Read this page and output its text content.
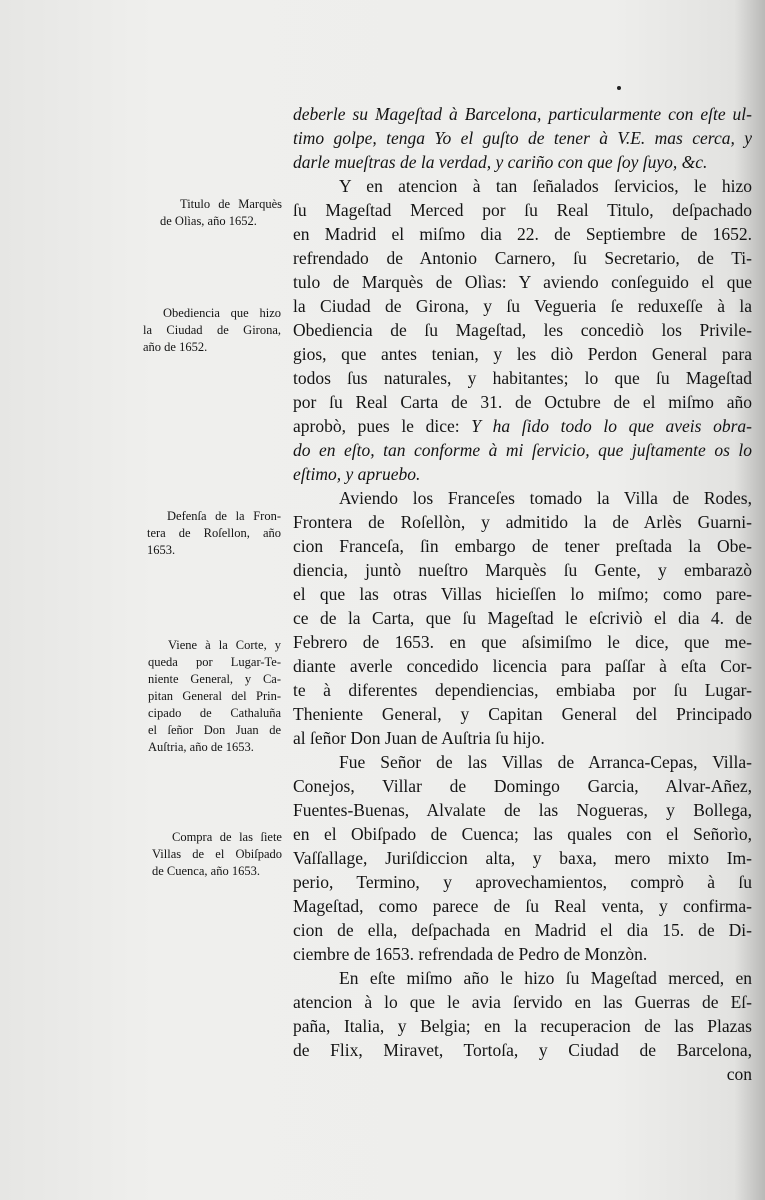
deberle su Mageſtad à Barcelona, particularmente con eſte ul-
timo golpe, tenga Yo el guſto de tener à V.E. mas cerca, y
darle mueſtras de la verdad, y cariño con que ſoy ſuyo, &c.
Y en atencion à tan ſeñalados ſervicios, le hizo
ſu Mageſtad Merced por ſu Real Titulo, deſpachado
en Madrid el miſmo dia 22. de Septiembre de 1652.
refrendado de Antonio Carnero, ſu Secretario, de Ti-
tulo de Marquès de Olìas: Y aviendo conſeguido el que
la Ciudad de Girona, y ſu Vegueria ſe reduxeſſe à la
Obediencia de ſu Mageſtad, les concediò los Privile-
gios, que antes tenian, y les diò Perdon General para
todos ſus naturales, y habitantes; lo que ſu Mageſtad
por ſu Real Carta de 31. de Octubre de el miſmo año
aprobò, pues le dice: Y ha ſido todo lo que aveis obra-
do en eſto, tan conforme à mi ſervicio, que juſtamente os lo
eſtimo, y apruebo.
Aviendo los Franceſes tomado la Villa de Rodes,
Frontera de Roſellòn, y admitido la de Arlès Guarni-
cion Franceſa, ſin embargo de tener preſtada la Obe-
diencia, juntò nueſtro Marquès ſu Gente, y embarazò
el que las otras Villas hicieſſen lo miſmo; como pare-
ce de la Carta, que ſu Mageſtad le eſcriviò el dia 4. de
Febrero de 1653. en que aſsimiſmo le dice, que me-
diante averle concedido licencia para paſſar à eſta Cor-
te à diferentes dependiencias, embiaba por ſu Lugar-
Theniente General, y Capitan General del Principado
al ſeñor Don Juan de Auſtria ſu hijo.
Fue Señor de las Villas de Arranca-Cepas, Villa-
Conejos, Villar de Domingo Garcia, Alvar-Añez,
Fuentes-Buenas, Alvalate de las Nogueras, y Bollega,
en el Obiſpado de Cuenca; las quales con el Señorìo,
Vaſſallage, Juriſdiccion alta, y baxa, mero mixto Im-
perio, Termino, y aprovechamientos, comprò à ſu
Mageſtad, como parece de ſu Real venta, y confirma-
cion de ella, deſpachada en Madrid el dia 15. de Di-
ciembre de 1653. refrendada de Pedro de Monzòn.
En eſte miſmo año le hizo ſu Mageſtad merced, en
atencion à lo que le avia ſervido en las Guerras de Eſ-
paña, Italia, y Belgia; en la recuperacion de las Plazas
de Flix, Miravet, Tortoſa, y Ciudad de Barcelona,
con
Titulo de Marquès
de Olìas, año 1652.
Obediencia que hizo
la Ciudad de Girona,
año de 1652.
Defenſa de la Fron-
tera de Roſellon, año
1653.
Viene à la Corte, y
queda por Lugar-Te-
niente General, y Ca-
pitan General del Prin-
cipado de Cathaluña
el ſeñor Don Juan de
Auſtria, año de 1653.
Compra de las ſiete
Villas de el Obiſpado
de Cuenca, año 1653.
